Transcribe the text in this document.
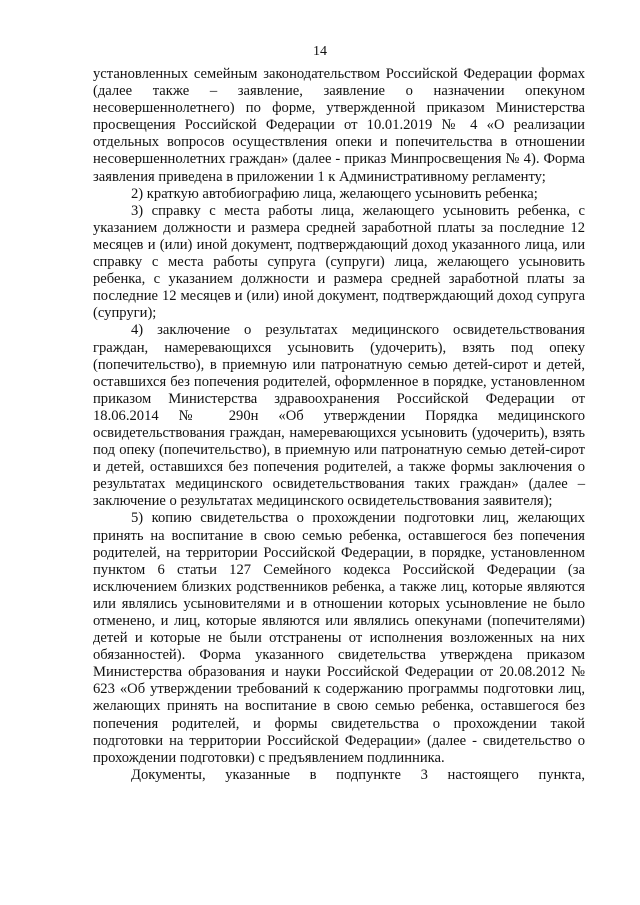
14

установленных семейным законодательством Российской Федерации формах (далее также – заявление, заявление о назначении опекуном несовершеннолетнего) по форме, утвержденной приказом Министерства просвещения Российской Федерации от 10.01.2019 № 4 «О реализации отдельных вопросов осуществления опеки и попечительства в отношении несовершеннолетних граждан» (далее - приказ Минпросвещения № 4). Форма заявления приведена в приложении 1 к Административному регламенту;

2) краткую автобиографию лица, желающего усыновить ребенка;

3) справку с места работы лица, желающего усыновить ребенка, с указанием должности и размера средней заработной платы за последние 12 месяцев и (или) иной документ, подтверждающий доход указанного лица, или справку с места работы супруга (супруги) лица, желающего усыновить ребенка, с указанием должности и размера средней заработной платы за последние 12 месяцев и (или) иной документ, подтверждающий доход супруга (супруги);

4) заключение о результатах медицинского освидетельствования граждан, намеревающихся усыновить (удочерить), взять под опеку (попечительство), в приемную или патронатную семью детей-сирот и детей, оставшихся без попечения родителей, оформленное в порядке, установленном приказом Министерства здравоохранения Российской Федерации от 18.06.2014 № 290н «Об утверждении Порядка медицинского освидетельствования граждан, намеревающихся усыновить (удочерить), взять под опеку (попечительство), в приемную или патронатную семью детей-сирот и детей, оставшихся без попечения родителей, а также формы заключения о результатах медицинского освидетельствования таких граждан» (далее – заключение о результатах медицинского освидетельствования заявителя);

5) копию свидетельства о прохождении подготовки лиц, желающих принять на воспитание в свою семью ребенка, оставшегося без попечения родителей, на территории Российской Федерации, в порядке, установленном пунктом 6 статьи 127 Семейного кодекса Российской Федерации (за исключением близких родственников ребенка, а также лиц, которые являются или являлись усыновителями и в отношении которых усыновление не было отменено, и лиц, которые являются или являлись опекунами (попечителями) детей и которые не были отстранены от исполнения возложенных на них обязанностей). Форма указанного свидетельства утверждена приказом Министерства образования и науки Российской Федерации от 20.08.2012 № 623 «Об утверждении требований к содержанию программы подготовки лиц, желающих принять на воспитание в свою семью ребенка, оставшегося без попечения родителей, и формы свидетельства о прохождении такой подготовки на территории Российской Федерации» (далее - свидетельство о прохождении подготовки) с предъявлением подлинника.

Документы, указанные в подпункте 3 настоящего пункта,
